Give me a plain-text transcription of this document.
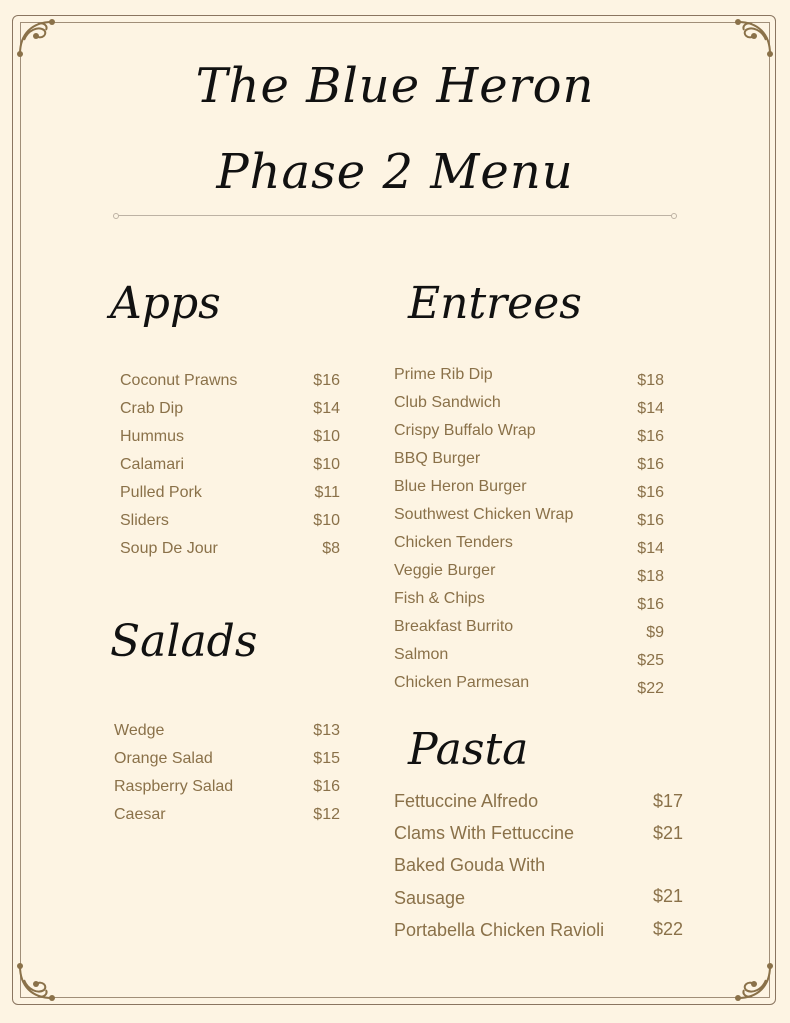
The Blue Heron
Phase 2 Menu
Apps	Entrees
Salads
Pasta
Coconut Prawns	$16
Crab Dip	$14
Hummus	$10
Calamari	$10
Pulled Pork	$11
Sliders	$10
Soup De Jour	$8
Wedge	$13
Orange Salad	$15
Raspberry Salad	$16
Caesar	$12
Prime Rib Dip	$18
Club Sandwich	$14
Crispy Buffalo Wrap	$16
BBQ Burger	$16
Blue Heron Burger	$16
Southwest Chicken Wrap	$16
Chicken Tenders	$14
Veggie Burger	$18
Fish & Chips	$16
Breakfast Burrito	$9
Salmon	$25
Chicken Parmesan	$22
Fettuccine Alfredo	$17
Clams With Fettuccine	$21
Baked Gouda With
Sausage	$21
Portabella Chicken Ravioli	$22
